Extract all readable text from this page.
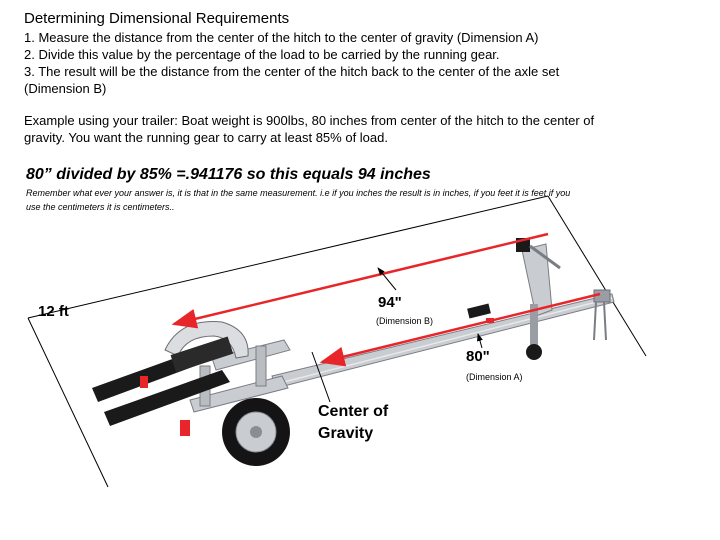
Determining Dimensional Requirements

1. Measure the distance from the center of the hitch to the center of gravity (Dimension A)

2. Divide this value by the percentage of the load to be carried by the running gear.

3. The result will be the distance from the center of the hitch back to the center of the axle set

(Dimension B)

Example using your trailer: Boat weight is 900lbs, 80 inches from center of the hitch to the center of

gravity. You want the running gear to carry at least 85% of load.

80” divided by 85% =.941176 so this equals 94 inches

Remember what ever your answer is, it is that in the same measurement. i.e if you inches the result is in inches, if you feet it is feet if you

use the centimeters it is centimeters..

12 ft

94"

(Dimension B)

80"

(Dimension A)

Center of

Gravity
